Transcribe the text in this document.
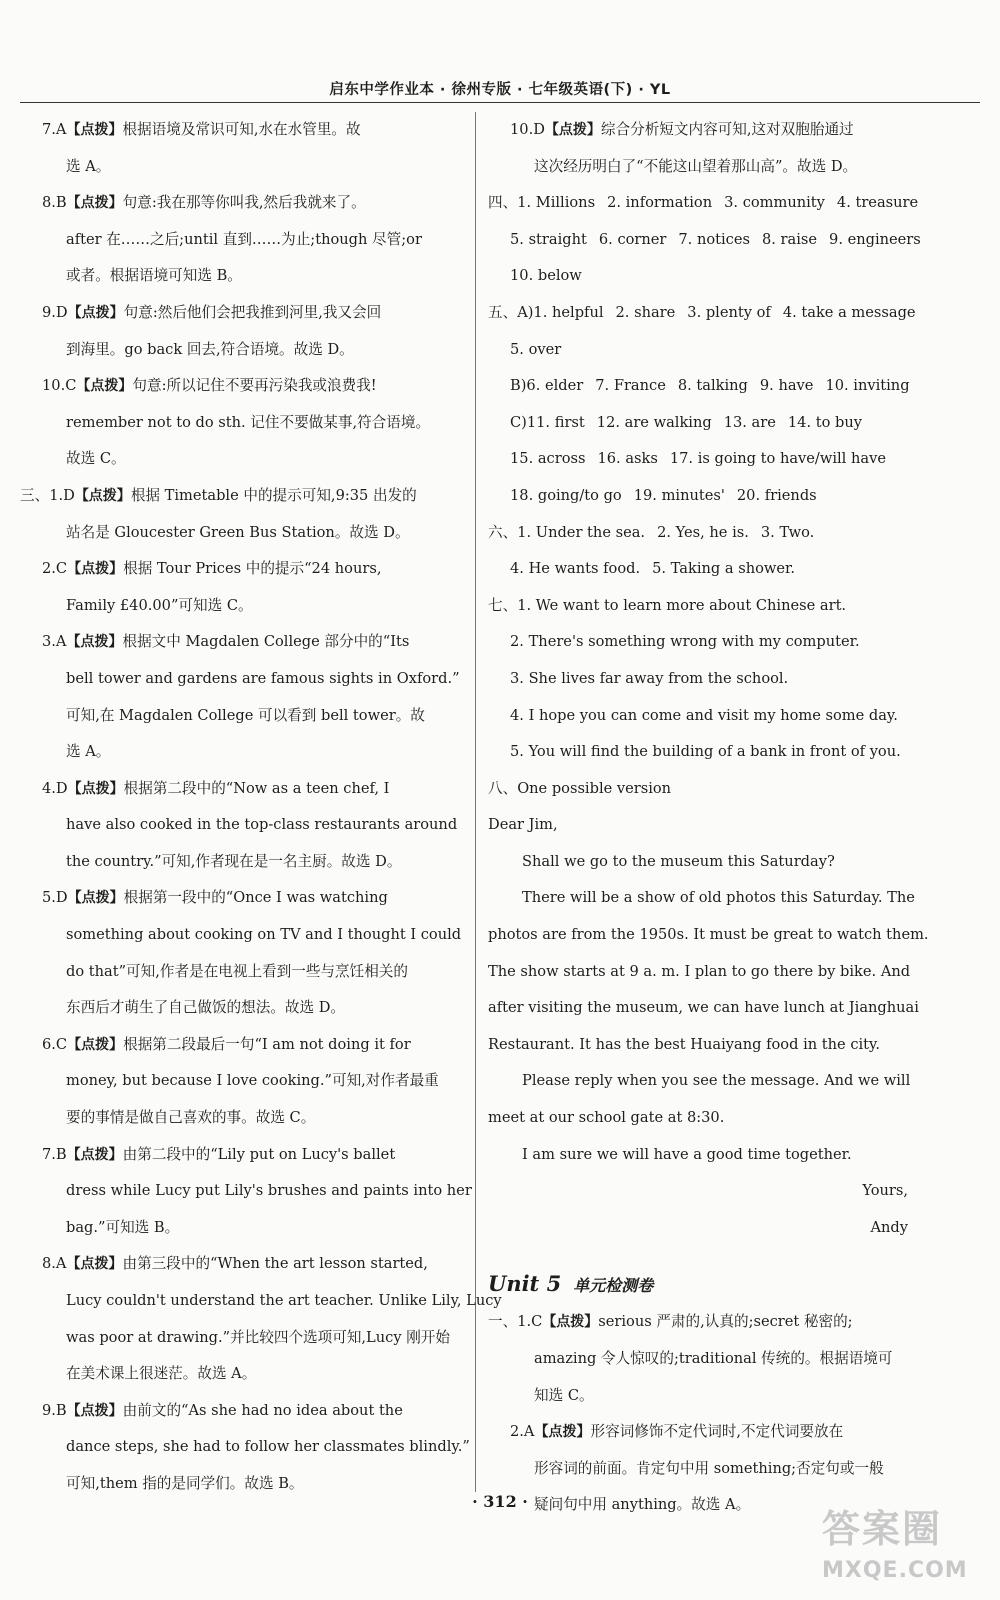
启东中学作业本 · 徐州专版 · 七年级英语(下) · YL
7.A【点拨】根据语境及常识可知,水在水管里。故
选 A。
8.B【点拨】句意:我在那等你叫我,然后我就来了。
after 在……之后;until 直到……为止;though 尽管;or
或者。根据语境可知选 B。
9.D【点拨】句意:然后他们会把我推到河里,我又会回
到海里。go back 回去,符合语境。故选 D。
10.C【点拨】句意:所以记住不要再污染我或浪费我!
remember not to do sth. 记住不要做某事,符合语境。
故选 C。
三、1.D【点拨】根据 Timetable 中的提示可知,9:35 出发的
站名是 Gloucester Green Bus Station。故选 D。
2.C【点拨】根据 Tour Prices 中的提示“24 hours,
Family £40.00”可知选 C。
3.A【点拨】根据文中 Magdalen College 部分中的“Its
bell tower and gardens are famous sights in Oxford.”
可知,在 Magdalen College 可以看到 bell tower。故
选 A。
4.D【点拨】根据第二段中的“Now as a teen chef, I
have also cooked in the top-class restaurants around
the country.”可知,作者现在是一名主厨。故选 D。
5.D【点拨】根据第一段中的“Once I was watching
something about cooking on TV and I thought I could
do that”可知,作者是在电视上看到一些与烹饪相关的
东西后才萌生了自己做饭的想法。故选 D。
6.C【点拨】根据第二段最后一句“I am not doing it for
money, but because I love cooking.”可知,对作者最重
要的事情是做自己喜欢的事。故选 C。
7.B【点拨】由第二段中的“Lily put on Lucy's ballet
dress while Lucy put Lily's brushes and paints into her
bag.”可知选 B。
8.A【点拨】由第三段中的“When the art lesson started,
Lucy couldn't understand the art teacher. Unlike Lily, Lucy
was poor at drawing.”并比较四个选项可知,Lucy 刚开始
在美术课上很迷茫。故选 A。
9.B【点拨】由前文的“As she had no idea about the
dance steps, she had to follow her classmates blindly.”
可知,them 指的是同学们。故选 B。
10.D【点拨】综合分析短文内容可知,这对双胞胎通过
这次经历明白了“不能这山望着那山高”。故选 D。
四、1. Millions 2. information 3. community 4. treasure
5. straight 6. corner 7. notices 8. raise 9. engineers
10. below
五、A)1. helpful 2. share 3. plenty of 4. take a message
5. over
B)6. elder 7. France 8. talking 9. have 10. inviting
C)11. first 12. are walking 13. are 14. to buy
15. across 16. asks 17. is going to have/will have
18. going/to go 19. minutes' 20. friends
六、1. Under the sea. 2. Yes, he is. 3. Two.
4. He wants food. 5. Taking a shower.
七、1. We want to learn more about Chinese art.
2. There's something wrong with my computer.
3. She lives far away from the school.
4. I hope you can come and visit my home some day.
5. You will find the building of a bank in front of you.
八、One possible version
Dear Jim,
Shall we go to the museum this Saturday?
There will be a show of old photos this Saturday. The
photos are from the 1950s. It must be great to watch them.
The show starts at 9 a. m. I plan to go there by bike. And
after visiting the museum, we can have lunch at Jianghuai
Restaurant. It has the best Huaiyang food in the city.
Please reply when you see the message. And we will
meet at our school gate at 8:30.
I am sure we will have a good time together.
Yours,
Andy
Unit 5 单元检测卷
一、1.C【点拨】serious 严肃的,认真的;secret 秘密的;
amazing 令人惊叹的;traditional 传统的。根据语境可
知选 C。
2.A【点拨】形容词修饰不定代词时,不定代词要放在
形容词的前面。肯定句中用 something;否定句或一般
疑问句中用 anything。故选 A。
· 312 ·
答案圈
MXQE.COM
